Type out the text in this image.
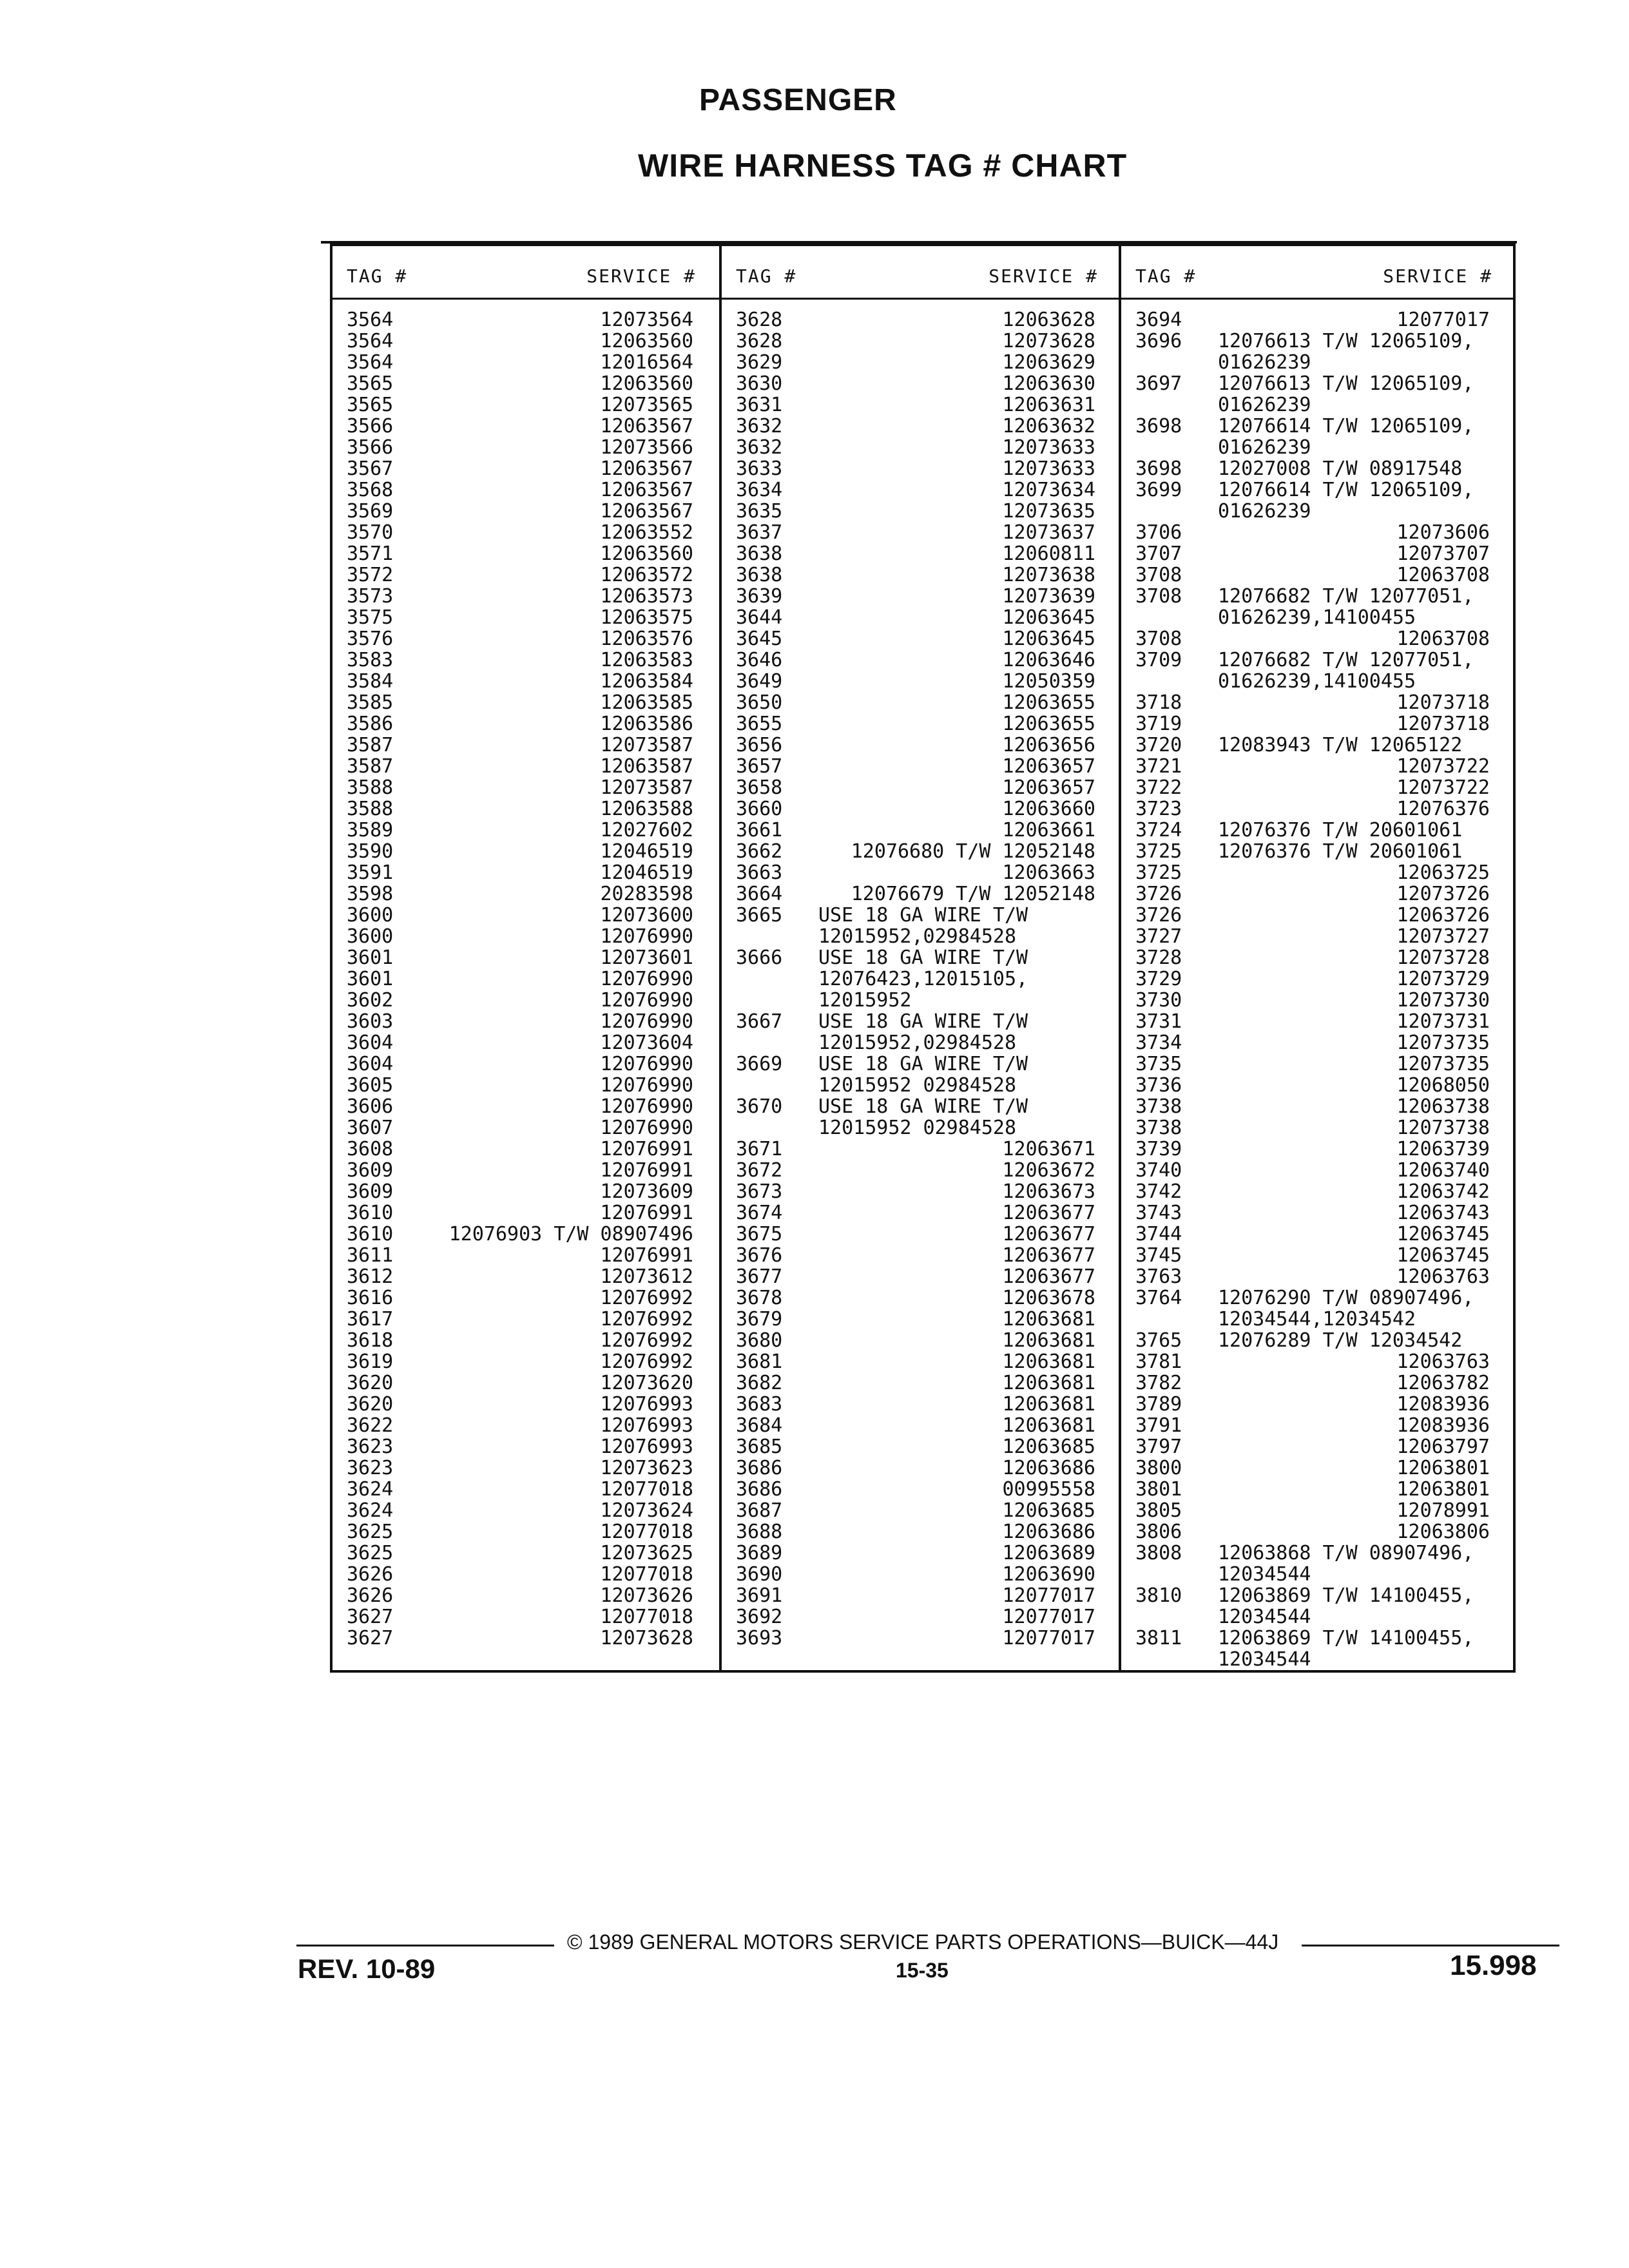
PASSENGER
WIRE HARNESS TAG # CHART
TAG #	SERVICE #
3564	12073564
3564	12063560
3564	12016564
3565	12063560
3565	12073565
3566	12063567
3566	12073566
3567	12063567
3568	12063567
3569	12063567
3570	12063552
3571	12063560
3572	12063572
3573	12063573
3575	12063575
3576	12063576
3583	12063583
3584	12063584
3585	12063585
3586	12063586
3587	12073587
3587	12063587
3588	12073587
3588	12063588
3589	12027602
3590	12046519
3591	12046519
3598	20283598
3600	12073600
3600	12076990
3601	12073601
3601	12076990
3602	12076990
3603	12076990
3604	12073604
3604	12076990
3605	12076990
3606	12076990
3607	12076990
3608	12076991
3609	12076991
3609	12073609
3610	12076991
3610	12076903 T/W 08907496
3611	12076991
3612	12073612
3616	12076992
3617	12076992
3618	12076992
3619	12076992
3620	12073620
3620	12076993
3622	12076993
3623	12076993
3623	12073623
3624	12077018
3624	12073624
3625	12077018
3625	12073625
3626	12077018
3626	12073626
3627	12077018
3627	12073628
TAG #	SERVICE #
3628	12063628
3628	12073628
3629	12063629
3630	12063630
3631	12063631
3632	12063632
3632	12073633
3633	12073633
3634	12073634
3635	12073635
3637	12073637
3638	12060811
3638	12073638
3639	12073639
3644	12063645
3645	12063645
3646	12063646
3649	12050359
3650	12063655
3655	12063655
3656	12063656
3657	12063657
3658	12063657
3660	12063660
3661	12063661
3662	12076680 T/W 12052148
3663	12063663
3664	12076679 T/W 12052148
3665 USE 18 GA WIRE T/W
12015952,02984528
3666 USE 18 GA WIRE T/W
12076423,12015105,
12015952
3667 USE 18 GA WIRE T/W
12015952,02984528
3669 USE 18 GA WIRE T/W
12015952 02984528
3670 USE 18 GA WIRE T/W
12015952 02984528
3671	12063671
3672	12063672
3673	12063673
3674	12063677
3675	12063677
3676	12063677
3677	12063677
3678	12063678
3679	12063681
3680	12063681
3681	12063681
3682	12063681
3683	12063681
3684	12063681
3685	12063685
3686	12063686
3686	00995558
3687	12063685
3688	12063686
3689	12063689
3690	12063690
3691	12077017
3692	12077017
3693	12077017
TAG #	SERVICE #
3694	12077017
3696 12076613 T/W 12065109,
01626239
3697 12076613 T/W 12065109,
01626239
3698 12076614 T/W 12065109,
01626239
3698 12027008 T/W 08917548
3699 12076614 T/W 12065109,
01626239
3706	12073606
3707	12073707
3708	12063708
3708 12076682 T/W 12077051,
01626239,14100455
3708	12063708
3709 12076682 T/W 12077051,
01626239,14100455
3718	12073718
3719	12073718
3720 12083943 T/W 12065122
3721	12073722
3722	12073722
3723	12076376
3724 12076376 T/W 20601061
3725 12076376 T/W 20601061
3725	12063725
3726	12073726
3726	12063726
3727	12073727
3728	12073728
3729	12073729
3730	12073730
3731	12073731
3734	12073735
3735	12073735
3736	12068050
3738	12063738
3738	12073738
3739	12063739
3740	12063740
3742	12063742
3743	12063743
3744	12063745
3745	12063745
3763	12063763
3764 12076290 T/W 08907496,
12034544,12034542
3765 12076289 T/W 12034542
3781	12063763
3782	12063782
3789	12083936
3791	12083936
3797	12063797
3800	12063801
3801	12063801
3805	12078991
3806	12063806
3808 12063868 T/W 08907496,
12034544
3810 12063869 T/W 14100455,
12034544
3811 12063869 T/W 14100455,
12034544
© 1989 GENERAL MOTORS SERVICE PARTS OPERATIONS—BUICK—44J
15-35
REV. 10-89	15.998
